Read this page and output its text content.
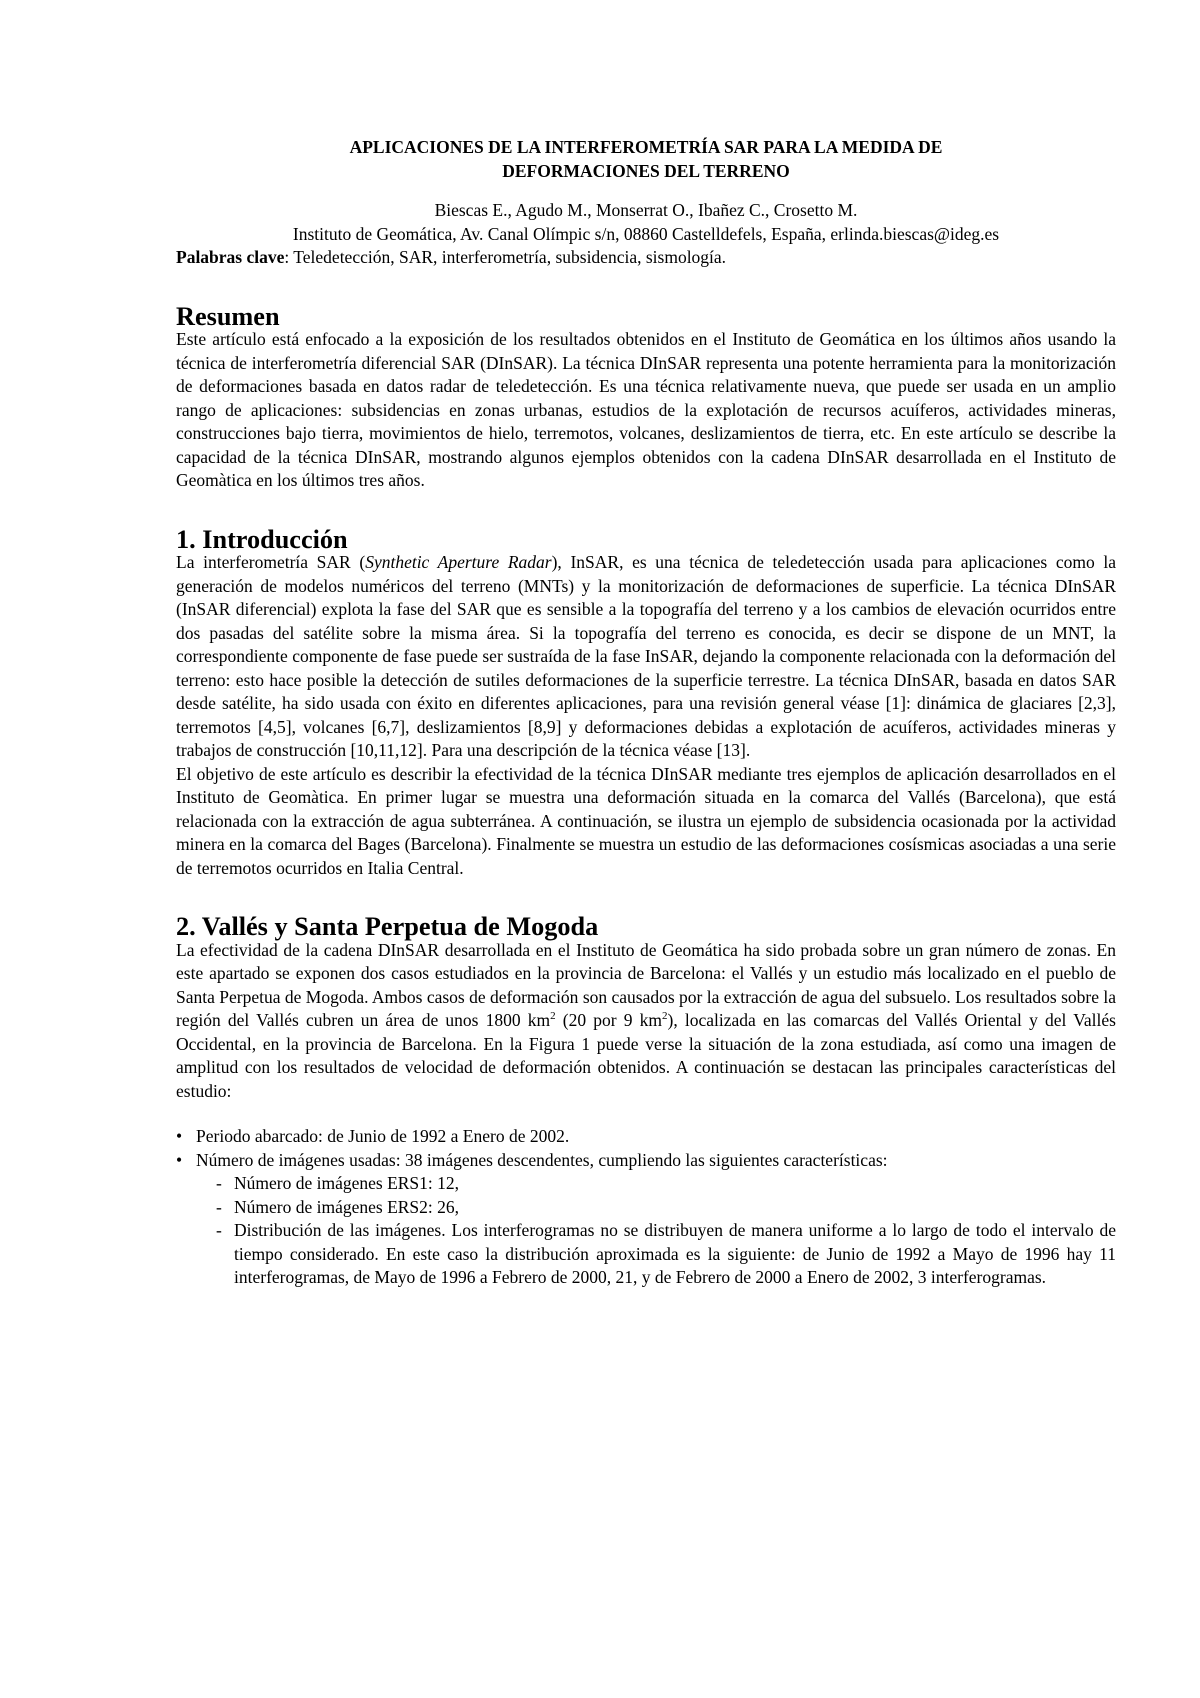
APLICACIONES DE LA INTERFEROMETRÍA SAR PARA LA MEDIDA DE
DEFORMACIONES DEL TERRENO

Biescas E., Agudo M., Monserrat O., Ibañez C., Crosetto M.

Instituto de Geomática, Av. Canal Olímpic s/n, 08860 Castelldefels, España, erlinda.biescas@ideg.es

Palabras clave: Teledetección, SAR, interferometría, subsidencia, sismología.

Resumen

Este artículo está enfocado a la exposición de los resultados obtenidos en el Instituto de Geomática en los últimos años usando la técnica de interferometría diferencial SAR (DInSAR). La técnica DInSAR representa una potente herramienta para la monitorización de deformaciones basada en datos radar de teledetección. Es una técnica relativamente nueva, que puede ser usada en un amplio rango de aplicaciones: subsidencias en zonas urbanas, estudios de la explotación de recursos acuíferos, actividades mineras, construcciones bajo tierra, movimientos de hielo, terremotos, volcanes, deslizamientos de tierra, etc. En este artículo se describe la capacidad de la técnica DInSAR, mostrando algunos ejemplos obtenidos con la cadena DInSAR desarrollada en el Instituto de Geomàtica en los últimos tres años.

1. Introducción

La interferometría SAR (Synthetic Aperture Radar), InSAR, es una técnica de teledetección usada para aplicaciones como la generación de modelos numéricos del terreno (MNTs) y la monitorización de deformaciones de superficie. La técnica DInSAR (InSAR diferencial) explota la fase del SAR que es sensible a la topografía del terreno y a los cambios de elevación ocurridos entre dos pasadas del satélite sobre la misma área. Si la topografía del terreno es conocida, es decir se dispone de un MNT, la correspondiente componente de fase puede ser sustraída de la fase InSAR, dejando la componente relacionada con la deformación del terreno: esto hace posible la detección de sutiles deformaciones de la superficie terrestre. La técnica DInSAR, basada en datos SAR desde satélite, ha sido usada con éxito en diferentes aplicaciones, para una revisión general véase [1]: dinámica de glaciares [2,3], terremotos [4,5], volcanes [6,7], deslizamientos [8,9] y deformaciones debidas a explotación de acuíferos, actividades mineras y trabajos de construcción [10,11,12]. Para una descripción de la técnica véase [13].

El objetivo de este artículo es describir la efectividad de la técnica DInSAR mediante tres ejemplos de aplicación desarrollados en el Instituto de Geomàtica. En primer lugar se muestra una deformación situada en la comarca del Vallés (Barcelona), que está relacionada con la extracción de agua subterránea. A continuación, se ilustra un ejemplo de subsidencia ocasionada por la actividad minera en la comarca del Bages (Barcelona). Finalmente se muestra un estudio de las deformaciones cosísmicas asociadas a una serie de terremotos ocurridos en Italia Central.

2. Vallés y Santa Perpetua de Mogoda

La efectividad de la cadena DInSAR desarrollada en el Instituto de Geomática ha sido probada sobre un gran número de zonas. En este apartado se exponen dos casos estudiados en la provincia de Barcelona: el Vallés y un estudio más localizado en el pueblo de Santa Perpetua de Mogoda. Ambos casos de deformación son causados por la extracción de agua del subsuelo. Los resultados sobre la región del Vallés cubren un área de unos 1800 $km^2$ (20 por 9 $km^2$), localizada en las comarcas del Vallés Oriental y del Vallés Occidental, en la provincia de Barcelona. En la Figura 1 puede verse la situación de la zona estudiada, así como una imagen de amplitud con los resultados de velocidad de deformación obtenidos. A continuación se destacan las principales características del estudio:

• Periodo abarcado: de Junio de 1992 a Enero de 2002.
• Número de imágenes usadas: 38 imágenes descendentes, cumpliendo las siguientes características:
- Número de imágenes ERS1: 12,
- Número de imágenes ERS2: 26,
- Distribución de las imágenes. Los interferogramas no se distribuyen de manera uniforme a lo largo de todo el intervalo de tiempo considerado. En este caso la distribución aproximada es la siguiente: de Junio de 1992 a Mayo de 1996 hay 11 interferogramas, de Mayo de 1996 a Febrero de 2000, 21, y de Febrero de 2000 a Enero de 2002, 3 interferogramas.
